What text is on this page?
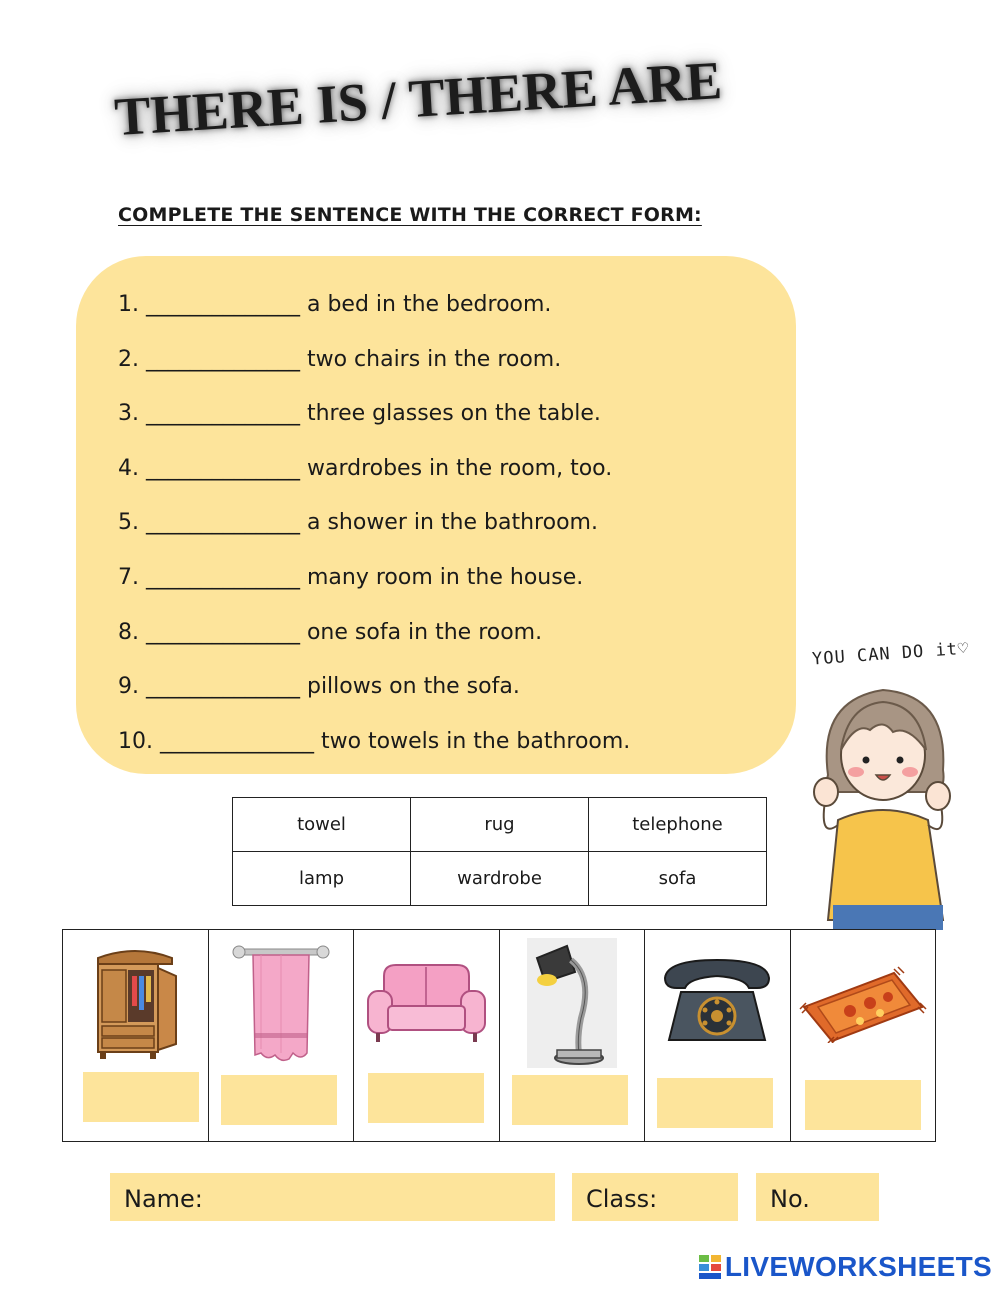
THERE IS / THERE ARE
COMPLETE THE SENTENCE WITH THE CORRECT FORM:
1. ______________ a bed in the bedroom.
2. ______________ two chairs in the room.
3. ______________ three glasses on the table.
4. ______________ wardrobes in the room, too.
5. ______________ a shower in the bathroom.
7. ______________ many room in the house.
8. ______________ one sofa in the room.
9. ______________ pillows on the sofa.
10. ______________ two towels in the bathroom.
towel	rug	telephone
lamp	wardrobe	sofa
YOU CAN DO it♡

Name:	Class:	No.
LIVEWORKSHEETS
